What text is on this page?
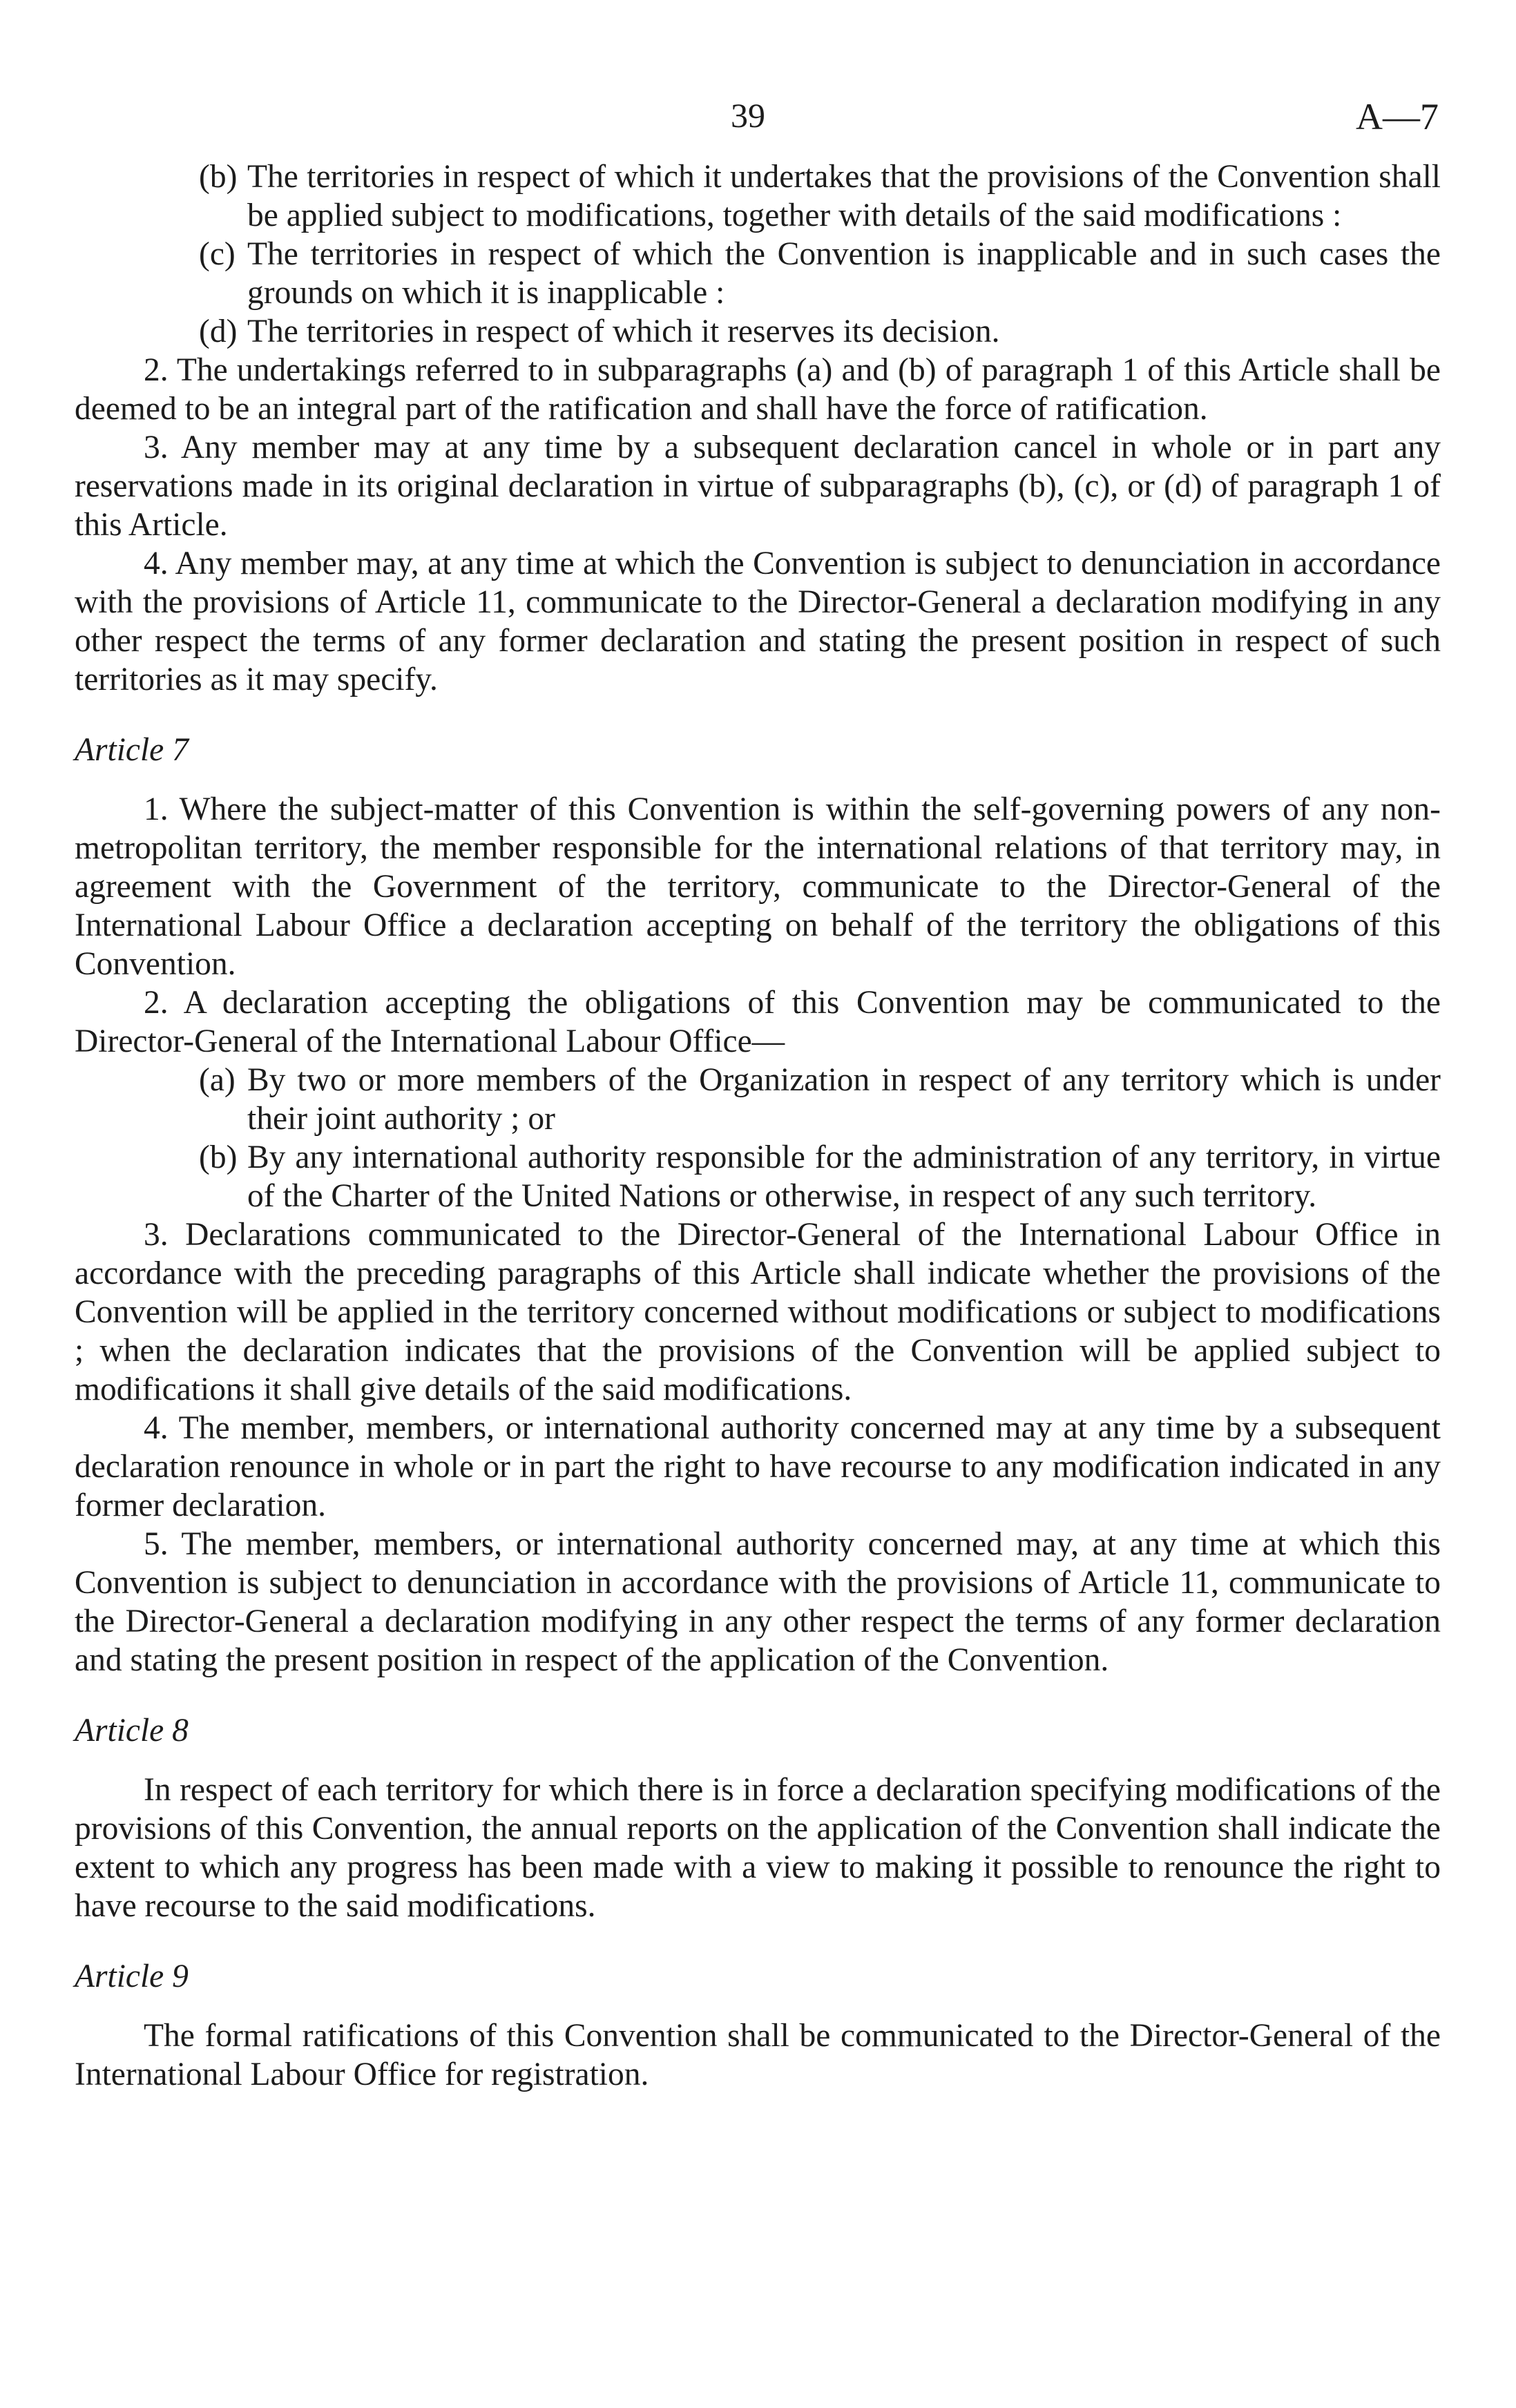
39	A—7

(b) The territories in respect of which it undertakes that the provisions of the Convention shall be applied subject to modifications, together with details of the said modifications :

(c) The territories in respect of which the Convention is inapplicable and in such cases the grounds on which it is inapplicable :

(d) The territories in respect of which it reserves its decision.

2. The undertakings referred to in subparagraphs (a) and (b) of paragraph 1 of this Article shall be deemed to be an integral part of the ratification and shall have the force of ratification.

3. Any member may at any time by a subsequent declaration cancel in whole or in part any reservations made in its original declaration in virtue of subparagraphs (b), (c), or (d) of paragraph 1 of this Article.

4. Any member may, at any time at which the Convention is subject to denunciation in accordance with the provisions of Article 11, communicate to the Director-General a declaration modifying in any other respect the terms of any former declaration and stating the present position in respect of such territories as it may specify.

Article 7

1. Where the subject-matter of this Convention is within the self-governing powers of any non-metropolitan territory, the member responsible for the international relations of that territory may, in agreement with the Government of the territory, communicate to the Director-General of the International Labour Office a declaration accepting on behalf of the territory the obligations of this Convention.

2. A declaration accepting the obligations of this Convention may be communicated to the Director-General of the International Labour Office—

(a) By two or more members of the Organization in respect of any territory which is under their joint authority ; or

(b) By any international authority responsible for the administration of any territory, in virtue of the Charter of the United Nations or otherwise, in respect of any such territory.

3. Declarations communicated to the Director-General of the International Labour Office in accordance with the preceding paragraphs of this Article shall indicate whether the provisions of the Convention will be applied in the territory concerned without modifications or subject to modifications ; when the declaration indicates that the provisions of the Convention will be applied subject to modifications it shall give details of the said modifications.

4. The member, members, or international authority concerned may at any time by a subsequent declaration renounce in whole or in part the right to have recourse to any modification indicated in any former declaration.

5. The member, members, or international authority concerned may, at any time at which this Convention is subject to denunciation in accordance with the provisions of Article 11, communicate to the Director-General a declaration modifying in any other respect the terms of any former declaration and stating the present position in respect of the application of the Convention.

Article 8

In respect of each territory for which there is in force a declaration specifying modifications of the provisions of this Convention, the annual reports on the application of the Convention shall indicate the extent to which any progress has been made with a view to making it possible to renounce the right to have recourse to the said modifications.

Article 9

The formal ratifications of this Convention shall be communicated to the Director-General of the International Labour Office for registration.
